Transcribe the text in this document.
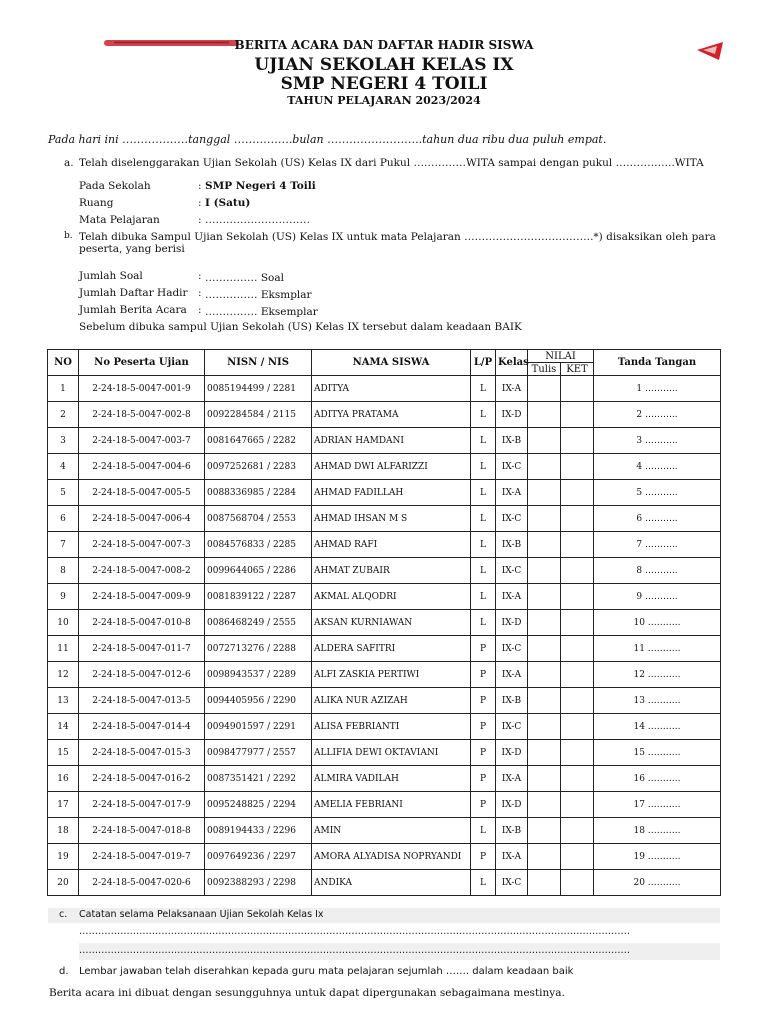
BERITA ACARA DAN DAFTAR HADIR SISWA
UJIAN SEKOLAH KELAS IX
SMP NEGERI 4 TOILI
TAHUN PELAJARAN 2023/2024
Pada hari ini ………………tanggal …………….bulan ……………………..tahun dua ribu dua puluh empat.
a. Telah diselenggarakan Ujian Sekolah (US) Kelas IX dari Pukul ……………WITA sampai dengan pukul ……………..WITA
Pada Sekolah	: SMP Negeri 4 Toili
Ruang	: I (Satu)
Mata Pelajaran	: …………………………
b. Telah dibuka Sampul Ujian Sekolah (US) Kelas IX untuk mata Pelajaran ……………………………….*) disaksikan oleh para
peserta, yang berisi
Jumlah Soal	: …………… Soal
Jumlah Daftar Hadir : …………… Eksmplar
Jumlah Berita Acara : …………… Eksemplar
Sebelum dibuka sampul Ujian Sekolah (US) Kelas IX tersebut dalam keadaan BAIK
NO	No Peserta Ujian	NISN / NIS	NAMA SISWA	L/P	Kelas	NILAI		Tanda Tangan
						Tulis	KET	
1	2-24-18-5-0047-001-9	0085194499 / 2281	ADITYA	L	IX-A			1 ………..
2	2-24-18-5-0047-002-8	0092284584 / 2115	ADITYA PRATAMA	L	IX-D			2 ………..
3	2-24-18-5-0047-003-7	0081647665 / 2282	ADRIAN HAMDANI	L	IX-B			3 ………..
4	2-24-18-5-0047-004-6	0097252681 / 2283	AHMAD DWI ALFARIZZI	L	IX-C			4 ………..
5	2-24-18-5-0047-005-5	0088336985 / 2284	AHMAD FADILLAH	L	IX-A			5 ………..
6	2-24-18-5-0047-006-4	0087568704 / 2553	AHMAD IHSAN M S	L	IX-C			6 ………..
7	2-24-18-5-0047-007-3	0084576833 / 2285	AHMAD RAFI	L	IX-B			7 ………..
8	2-24-18-5-0047-008-2	0099644065 / 2286	AHMAT ZUBAIR	L	IX-C			8 ………..
9	2-24-18-5-0047-009-9	0081839122 / 2287	AKMAL ALQODRI	L	IX-A			9 ………..
10	2-24-18-5-0047-010-8	0086468249 / 2555	AKSAN KURNIAWAN	L	IX-D			10 ………..
11	2-24-18-5-0047-011-7	0072713276 / 2288	ALDERA SAFITRI	P	IX-C			11 ………..
12	2-24-18-5-0047-012-6	0098943537 / 2289	ALFI ZASKIA PERTIWI	P	IX-A			12 ………..
13	2-24-18-5-0047-013-5	0094405956 / 2290	ALIKA NUR AZIZAH	P	IX-B			13 ………..
14	2-24-18-5-0047-014-4	0094901597 / 2291	ALISA FEBRIANTI	P	IX-C			14 ………..
15	2-24-18-5-0047-015-3	0098477977 / 2557	ALLIFIA DEWI OKTAVIANI	P	IX-D			15 ………..
16	2-24-18-5-0047-016-2	0087351421 / 2292	ALMIRA VADILAH	P	IX-A			16 ………..
17	2-24-18-5-0047-017-9	0095248825 / 2294	AMELIA FEBRIANI	P	IX-D			17 ………..
18	2-24-18-5-0047-018-8	0089194433 / 2296	AMIN	L	IX-B			18 ………..
19	2-24-18-5-0047-019-7	0097649236 / 2297	AMORA ALYADISA NOPRYANDI	P	IX-A			19 ………..
20	2-24-18-5-0047-020-6	0092388293 / 2298	ANDIKA	L	IX-C			20 ………..
c. Catatan selama Pelaksanaan Ujian Sekolah Kelas Ix
…………………………………………………………………………………………………………………………………………………………
…………………………………………………………………………………………………………………………………………………………
d. Lembar jawaban telah diserahkan kepada guru mata pelajaran sejumlah ……. dalam keadaan baik
Berita acara ini dibuat dengan sesungguhnya untuk dapat dipergunakan sebagaimana mestinya.
